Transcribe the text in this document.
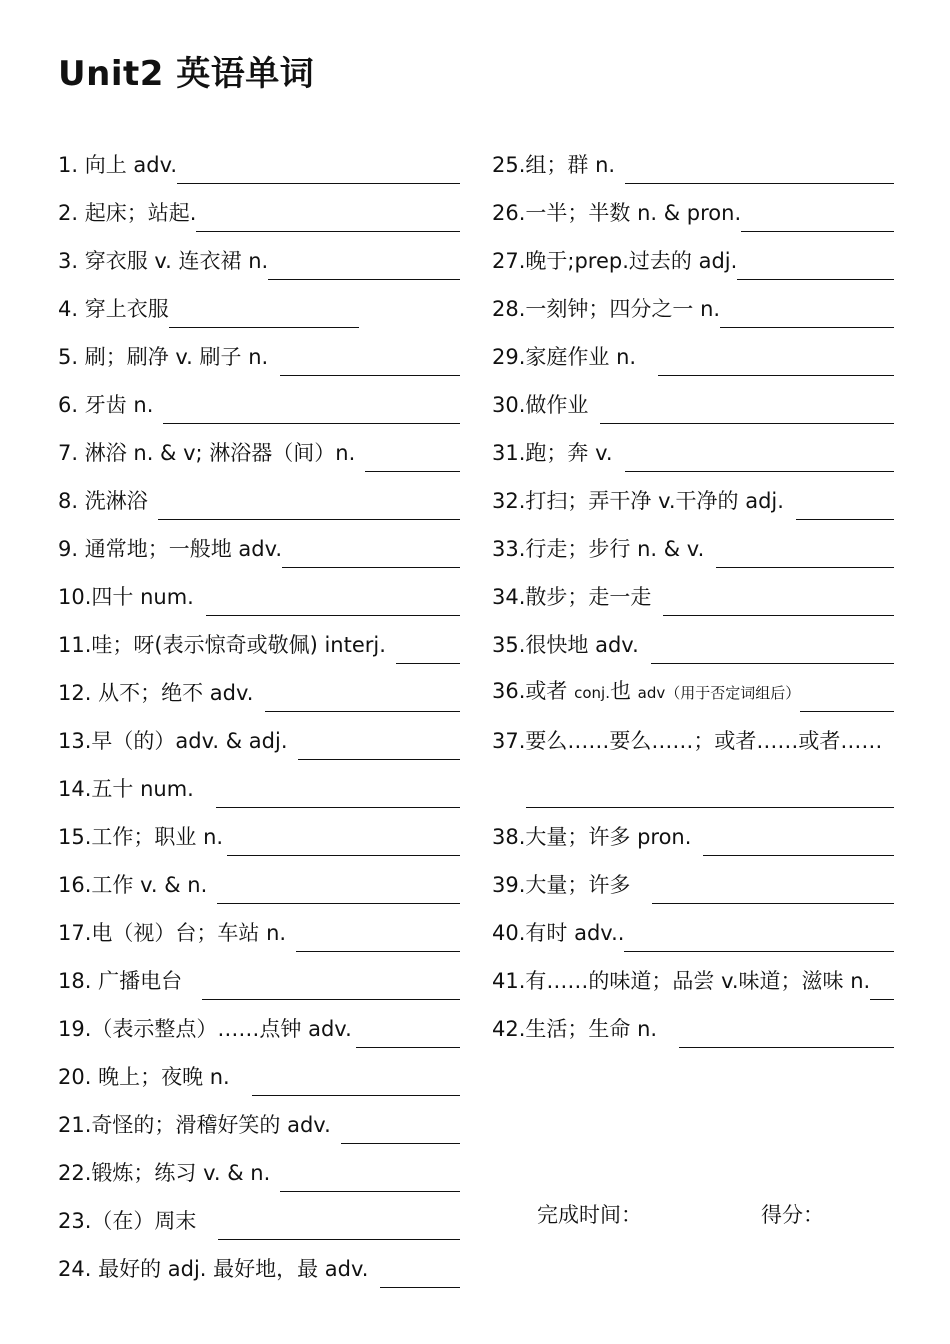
Unit2 英语单词
1. 向上 adv.
2. 起床；站起.
3. 穿衣服 v. 连衣裙 n.
4. 穿上衣服
5. 刷；刷净 v. 刷子 n.
6. 牙齿 n.
7. 淋浴 n. & v; 淋浴器（间）n.
8. 洗淋浴
9. 通常地；一般地 adv.
10.四十 num.
11.哇；呀(表示惊奇或敬佩) interj.
12. 从不；绝不 adv.
13.早（的）adv. & adj.
14.五十 num.
15.工作；职业 n.
16.工作 v. & n.
17.电（视）台；车站 n.
18. 广播电台
19.（表示整点）……点钟 adv.
20. 晚上；夜晚 n.
21.奇怪的；滑稽好笑的 adv.
22.锻炼；练习 v. & n.
23.（在）周末
24. 最好的 adj. 最好地，最 adv.
25.组；群 n.
26.一半；半数 n. & pron.
27.晚于;prep.过去的 adj.
28.一刻钟；四分之一 n.
29.家庭作业 n.
30.做作业
31.跑；奔 v.
32.打扫；弄干净 v.干净的 adj.
33.行走；步行 n. & v.
34.散步；走一走
35.很快地 adv.
36.或者 conj.也 adv（用于否定词组后）
37.要么……要么……；或者……或者……
38.大量；许多 pron.
39.大量；许多
40.有时 adv..
41.有……的味道；品尝 v.味道；滋味 n.
42.生活；生命 n.
完成时间：	得分：
